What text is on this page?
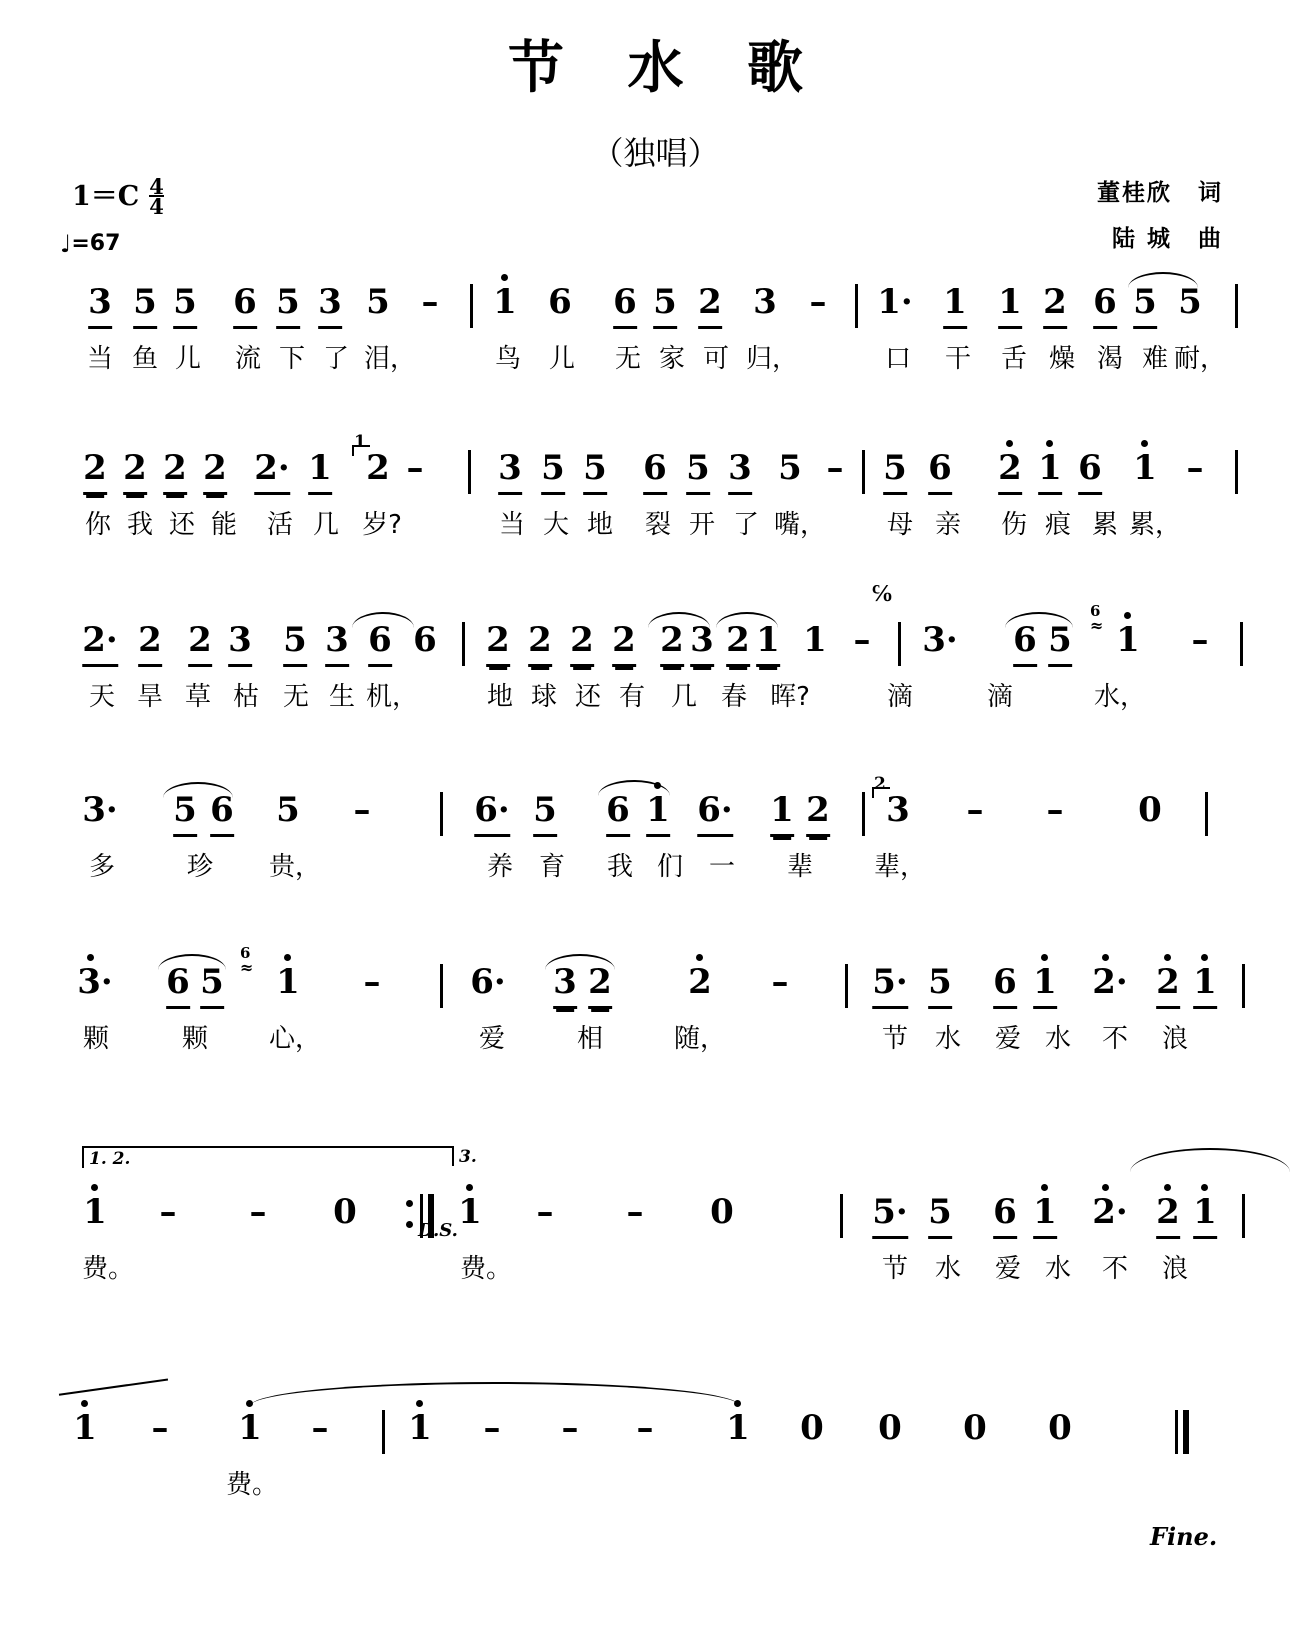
节 水 歌
（独唱）
董桂欣 词
陆 城 曲
$1=C \frac{4}{4}$
♩=67
3 5 5 6 5 3 5 – 1 6 6 5 2 3 – 1· 1 1 2 6 5 5
当 鱼 儿 流 下 了 泪，	鸟 儿 无 家 可 归，	口 干 舌 燥 渴 难 耐，
2 2 2 2 2· 1
1
2 – 3 5 5 6 5 3 5 – 5 6 2 1 6 1 –
你 我 还 能 活 几 岁?	当 大 地 裂 开 了 嘴， 母 亲 伤 痕 累 累，
℅
2· 2 2 3 5 3 6 6 2 2 2 2 2 3 2 1 1 – 3· 6 5
6
≈ 1 –
天 旱 草 枯 无 生 机，	地 球 还 有 几 春 晖?	滴	滴	水，
3· 5 6 5 –	6· 5 6 1 6· 1 2
2
3 – – 0
多	珍 贵，	养 育 我 们 一 辈 辈，
3· 6 5
6
≈ 1 –	6· 3 2 2 – 5· 5 6 1 2· 2 1
颗	颗 心，	爱	相	随，	节 水 爱 水 不 浪
1. 2.	3.
1 – – 0	1 – – 0	5· 5 6 1 2· 2 1
D.S.
费。	费。	节 水 爱 水 不 浪
1 – 1 – 1 – – – 1 0 0 0 0
费。
Fine.
